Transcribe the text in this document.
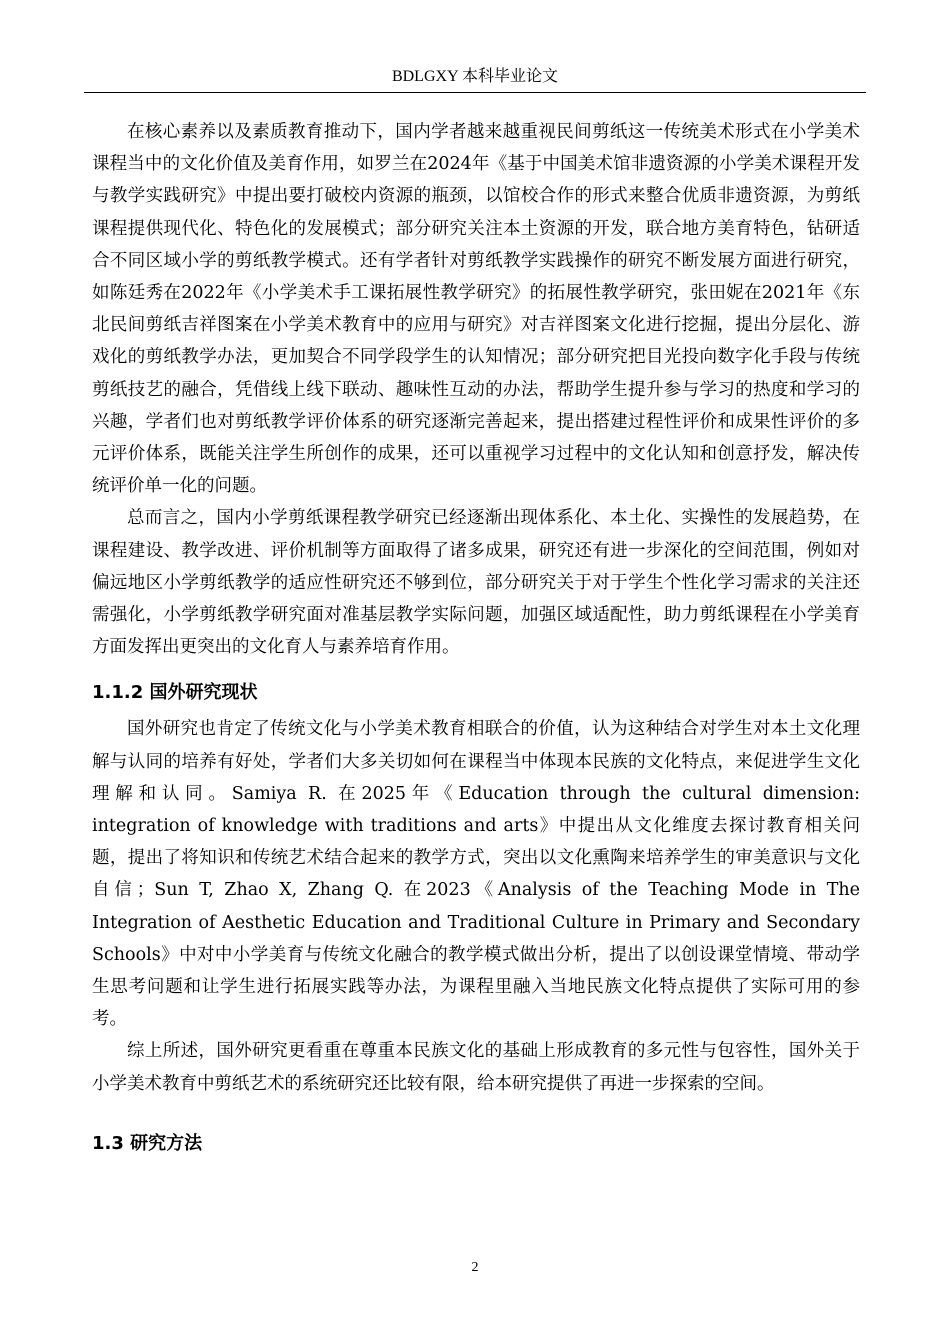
BDLGXY 本科毕业论文

在核心素养以及素质教育推动下，国内学者越来越重视民间剪纸这一传统美术形式在小学美术课程当中的文化价值及美育作用，如罗兰在2024年《基于中国美术馆非遗资源的小学美术课程开发与教学实践研究》中提出要打破校内资源的瓶颈，以馆校合作的形式来整合优质非遗资源，为剪纸课程提供现代化、特色化的发展模式；部分研究关注本土资源的开发，联合地方美育特色，钻研适合不同区域小学的剪纸教学模式。还有学者针对剪纸教学实践操作的研究不断发展方面进行研究，如陈廷秀在2022年《小学美术手工课拓展性教学研究》的拓展性教学研究，张田妮在2021年《东北民间剪纸吉祥图案在小学美术教育中的应用与研究》对吉祥图案文化进行挖掘，提出分层化、游戏化的剪纸教学办法，更加契合不同学段学生的认知情况；部分研究把目光投向数字化手段与传统剪纸技艺的融合，凭借线上线下联动、趣味性互动的办法，帮助学生提升参与学习的热度和学习的兴趣，学者们也对剪纸教学评价体系的研究逐渐完善起来，提出搭建过程性评价和成果性评价的多元评价体系，既能关注学生所创作的成果，还可以重视学习过程中的文化认知和创意抒发，解决传统评价单一化的问题。

总而言之，国内小学剪纸课程教学研究已经逐渐出现体系化、本土化、实操性的发展趋势，在课程建设、教学改进、评价机制等方面取得了诸多成果，研究还有进一步深化的空间范围，例如对偏远地区小学剪纸教学的适应性研究还不够到位，部分研究关于对于学生个性化学习需求的关注还需强化，小学剪纸教学研究面对准基层教学实际问题，加强区域适配性，助力剪纸课程在小学美育方面发挥出更突出的文化育人与素养培育作用。

1.1.2 国外研究现状

国外研究也肯定了传统文化与小学美术教育相联合的价值，认为这种结合对学生对本土文化理解与认同的培养有好处，学者们大多关切如何在课程当中体现本民族的文化特点，来促进学生文化理解和认同。Samiya R. 在2025年《Education through the cultural dimension: integration of knowledge with traditions and arts》中提出从文化维度去探讨教育相关问题，提出了将知识和传统艺术结合起来的教学方式，突出以文化熏陶来培养学生的审美意识与文化自信；Sun T, Zhao X, Zhang Q. 在2023《Analysis of the Teaching Mode in The Integration of Aesthetic Education and Traditional Culture in Primary and Secondary Schools》中对中小学美育与传统文化融合的教学模式做出分析，提出了以创设课堂情境、带动学生思考问题和让学生进行拓展实践等办法，为课程里融入当地民族文化特点提供了实际可用的参考。

综上所述，国外研究更看重在尊重本民族文化的基础上形成教育的多元性与包容性，国外关于小学美术教育中剪纸艺术的系统研究还比较有限，给本研究提供了再进一步探索的空间。

1.3 研究方法
2
